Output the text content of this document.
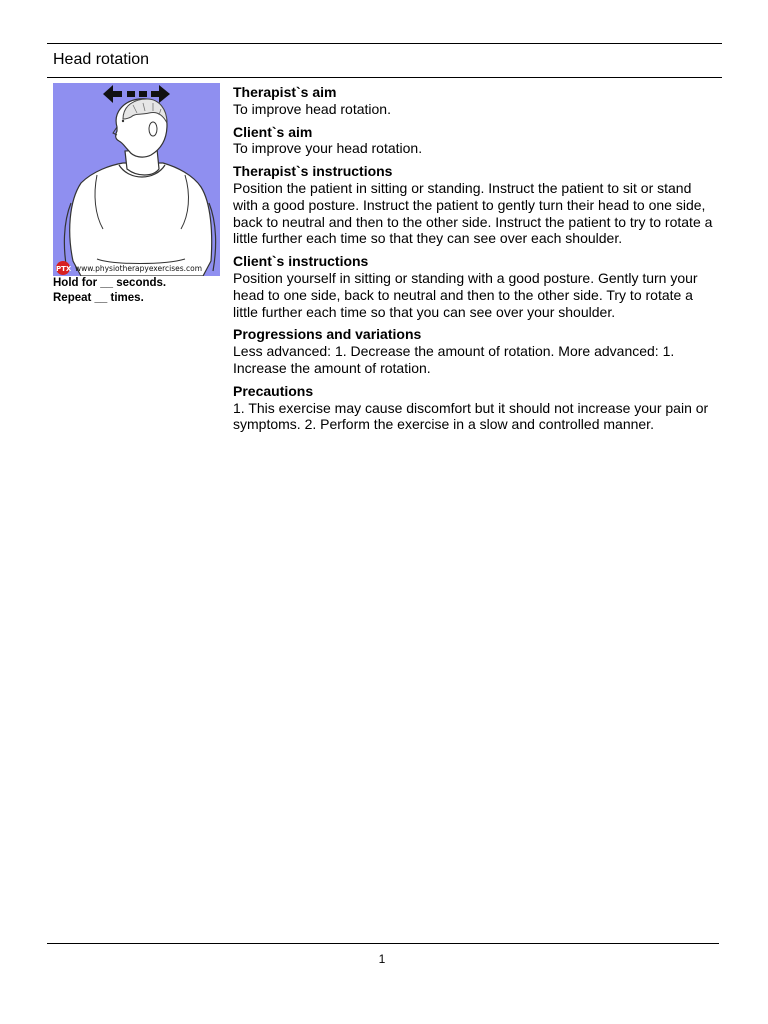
Head rotation
PTX www.physiotherapyexercises.com
Hold for __ seconds.
Repeat __ times.
Therapist`s aim

To improve head rotation.

Client`s aim

To improve your head rotation.

Therapist`s instructions

Position the patient in sitting or standing. Instruct the patient to sit or stand with a good posture. Instruct the patient to gently turn their head to one side, back to neutral and then to the other side. Instruct the patient to try to rotate a little further each time so that they can see over each shoulder.

Client`s instructions

Position yourself in sitting or standing with a good posture. Gently turn your head to one side, back to neutral and then to the other side. Try to rotate a little further each time so that you can see over your shoulder.

Progressions and variations

Less advanced: 1. Decrease the amount of rotation. More advanced: 1. Increase the amount of rotation.

Precautions

1. This exercise may cause discomfort but it should not increase your pain or symptoms. 2. Perform the exercise in a slow and controlled manner.

1
